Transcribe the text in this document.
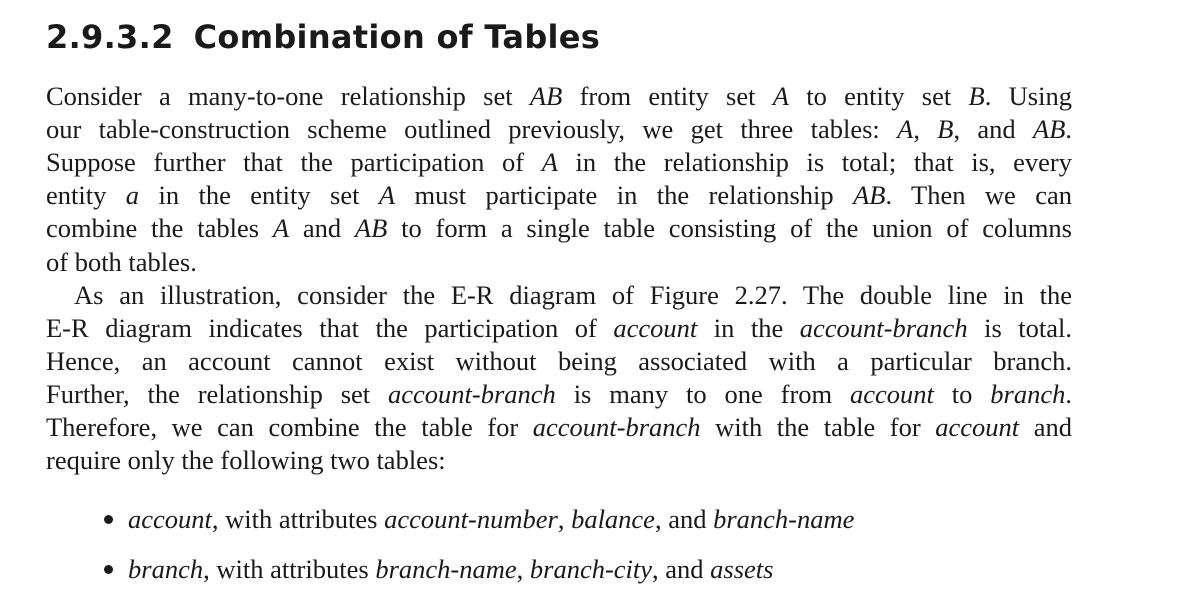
2.9.3.2 Combination of Tables
Consider a many-to-one relationship set AB from entity set A to entity set B. Using
our table-construction scheme outlined previously, we get three tables: A, B, and AB.
Suppose further that the participation of A in the relationship is total; that is, every
entity a in the entity set A must participate in the relationship AB. Then we can
combine the tables A and AB to form a single table consisting of the union of columns
of both tables.
As an illustration, consider the E-R diagram of Figure 2.27. The double line in the
E-R diagram indicates that the participation of account in the account-branch is total.
Hence, an account cannot exist without being associated with a particular branch.
Further, the relationship set account-branch is many to one from account to branch.
Therefore, we can combine the table for account-branch with the table for account and
require only the following two tables:
account, with attributes account-number, balance, and branch-name
branch, with attributes branch-name, branch-city, and assets
